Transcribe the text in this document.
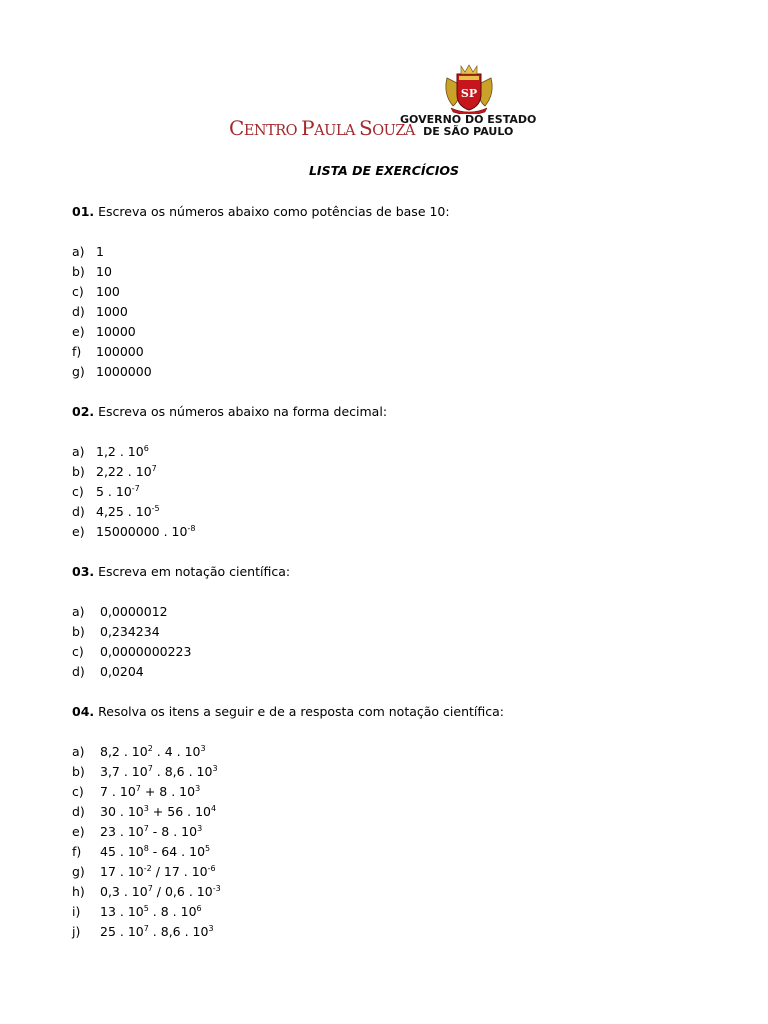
CENTRO PAULA SOUZA
SP
GOVERNO DO ESTADO
DE SÃO PAULO
LISTA DE EXERCÍCIOS
01. Escreva os números abaixo como potências de base 10:
a) 1
b) 10
c) 100
d) 1000
e) 10000
f) 100000
g) 1000000
02. Escreva os números abaixo na forma decimal:
a) 1,2 . $10^6$
b) 2,22 . $10^7$
c) 5 . $10^{-7}$
d) 4,25 . $10^{-5}$
e) 15000000 . $10^{-8}$
03. Escreva em notação científica:
a) 0,0000012
b) 0,234234
c) 0,0000000223
d) 0,0204
04. Resolva os itens a seguir e de a resposta com notação científica:
a) 8,2 . $10^2$ . 4 . $10^3$
b) 3,7 . $10^7$ . 8,6 . $10^3$
c) 7 . $10^7 + 8$ . $10^3$
d) 30 . $10^3 + 56$ . $10^4$
e) 23 . $10^7 - 8$ . $10^3$
f) 45 . $10^8 - 64$ . $10^5$
g) 17 . $10^{-2} / 17$ . $10^{-6}$
h) 0,3 . $10^7 / 0,6$ . $10^{-3}$
i) 13 . $10^5$ . 8 . $10^6$
j) 25 . $10^7$ . 8,6 . $10^3$
